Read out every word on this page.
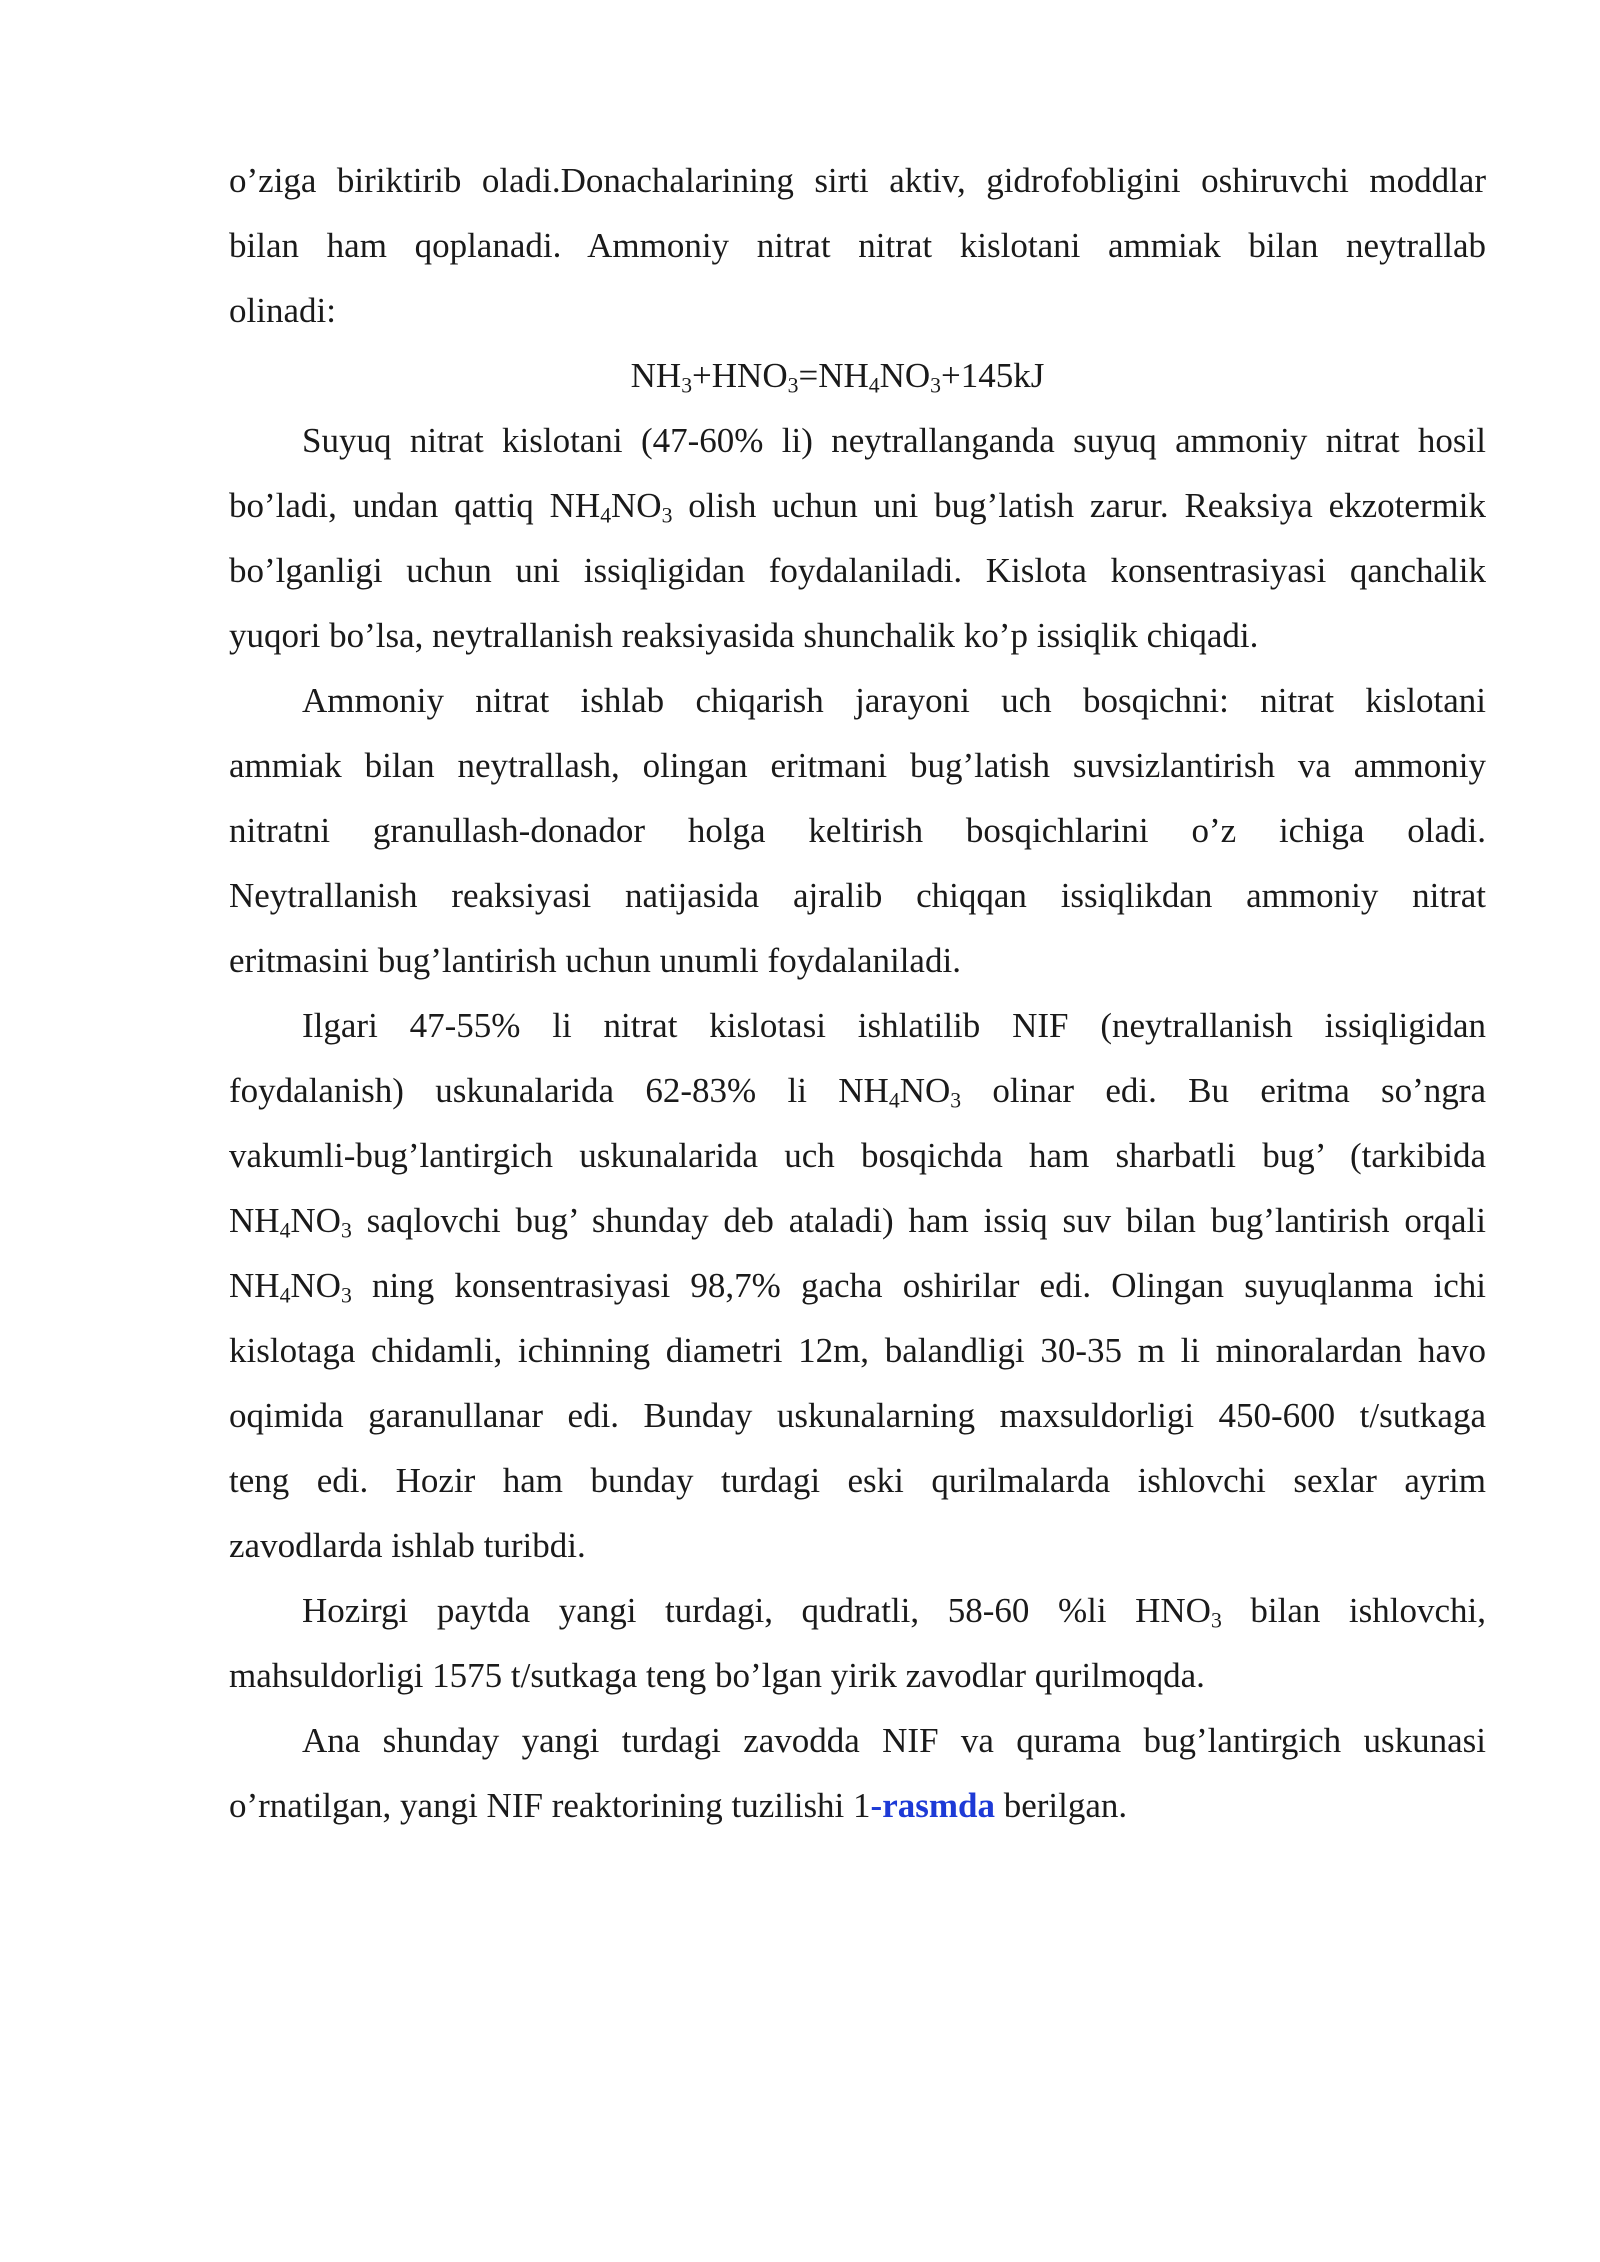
o’ziga biriktirib oladi.Donachalarining sirti aktiv, gidrofobligini oshiruvchi moddlar
bilan ham qoplanadi. Ammoniy nitrat nitrat kislotani ammiak bilan neytrallab
olinadi:
$NH_3+HNO_3=NH_4NO_3+145kJ$
Suyuq nitrat kislotani (47-60% li) neytrallanganda suyuq ammoniy nitrat hosil
bo’ladi, undan qattiq $NH_4NO_3$ olish uchun uni bug’latish zarur. Reaksiya ekzotermik
bo’lganligi uchun uni issiqligidan foydalaniladi. Kislota konsentrasiyasi qanchalik
yuqori bo’lsa, neytrallanish reaksiyasida shunchalik ko’p issiqlik chiqadi.
Ammoniy nitrat ishlab chiqarish jarayoni uch bosqichni: nitrat kislotani
ammiak bilan neytrallash, olingan eritmani bug’latish suvsizlantirish va ammoniy
nitratni granullash-donador holga keltirish bosqichlarini o’z ichiga oladi.
Neytrallanish reaksiyasi natijasida ajralib chiqqan issiqlikdan ammoniy nitrat
eritmasini bug’lantirish uchun unumli foydalaniladi.
Ilgari 47-55% li nitrat kislotasi ishlatilib NIF (neytrallanish issiqligidan
foydalanish) uskunalarida 62-83% li $NH_4NO_3$ olinar edi. Bu eritma so’ngra
vakumli-bug’lantirgich uskunalarida uch bosqichda ham sharbatli bug’ (tarkibida
$NH_4NO_3$ saqlovchi bug’ shunday deb ataladi) ham issiq suv bilan bug’lantirish orqali
$NH_4NO_3$ ning konsentrasiyasi 98,7% gacha oshirilar edi. Olingan suyuqlanma ichi
kislotaga chidamli, ichinning diametri 12m, balandligi 30-35 m li minoralardan havo
oqimida garanullanar edi. Bunday uskunalarning maxsuldorligi 450-600 t/sutkaga
teng edi. Hozir ham bunday turdagi eski qurilmalarda ishlovchi sexlar ayrim
zavodlarda ishlab turibdi.
Hozirgi paytda yangi turdagi, qudratli, 58-60 %li $HNO_3$ bilan ishlovchi,
mahsuldorligi 1575 t/sutkaga teng bo’lgan yirik zavodlar qurilmoqda.
Ana shunday yangi turdagi zavodda NIF va qurama bug’lantirgich uskunasi
o’rnatilgan, yangi NIF reaktorining tuzilishi 1-rasmda berilgan.
